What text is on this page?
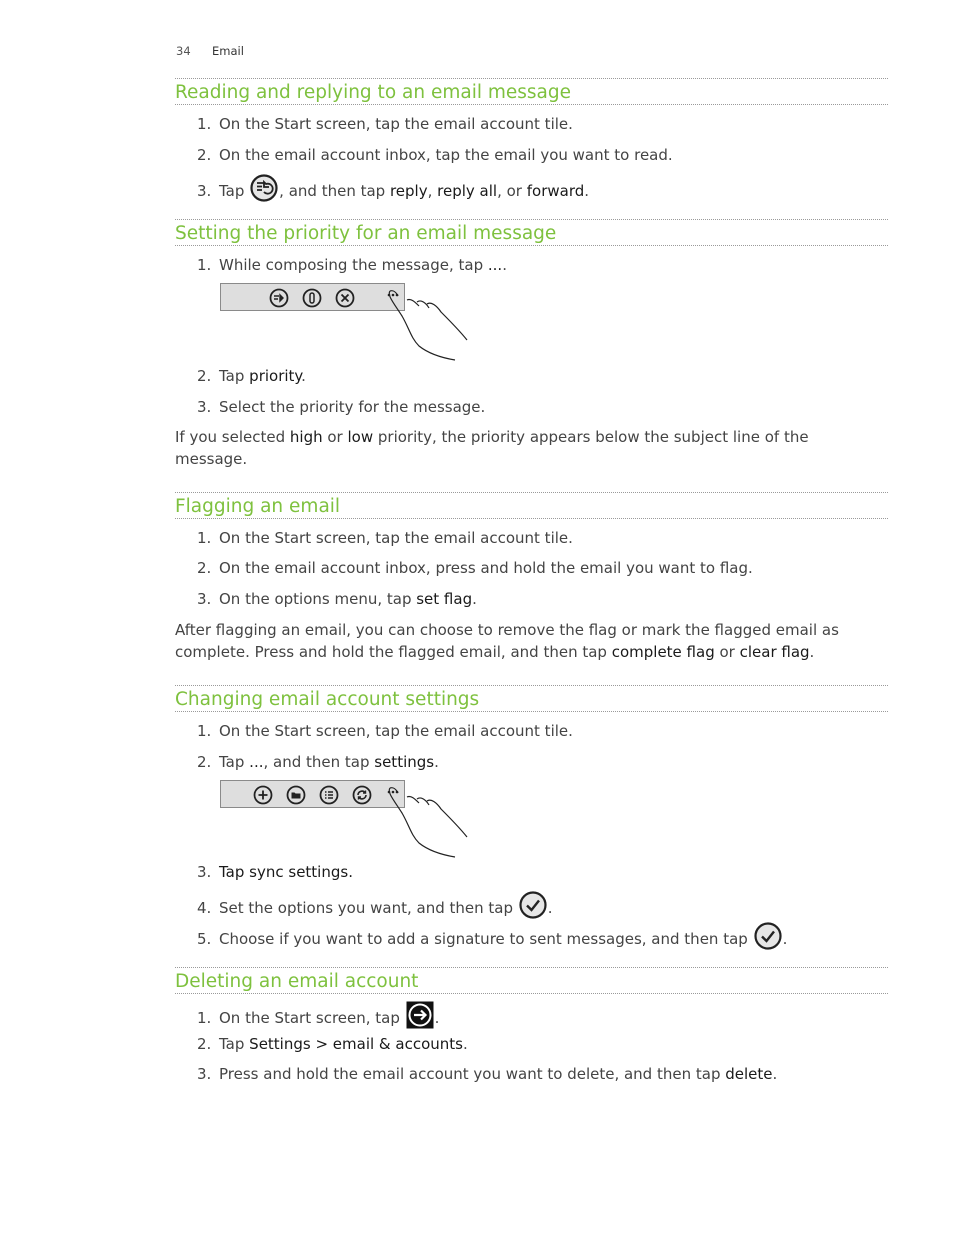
34 Email
Reading and replying to an email message
1. On the Start screen, tap the email account tile.
2. On the email account inbox, tap the email you want to read.
3. Tap , and then tap reply, reply all, or forward.
Setting the priority for an email message
1. While composing the message, tap ....
2. Tap priority.
3. Select the priority for the message.
If you selected high or low priority, the priority appears below the subject line of the message.
Flagging an email
1. On the Start screen, tap the email account tile.
2. On the email account inbox, press and hold the email you want to flag.
3. On the options menu, tap set flag.
After flagging an email, you can choose to remove the flag or mark the flagged email as complete. Press and hold the flagged email, and then tap complete flag or clear flag.
Changing email account settings
1. On the Start screen, tap the email account tile.
2. Tap ..., and then tap settings.
3. Tap sync settings.
4. Set the options you want, and then tap .
5. Choose if you want to add a signature to sent messages, and then tap .
Deleting an email account
1. On the Start screen, tap .
2. Tap Settings > email & accounts.
3. Press and hold the email account you want to delete, and then tap delete.
